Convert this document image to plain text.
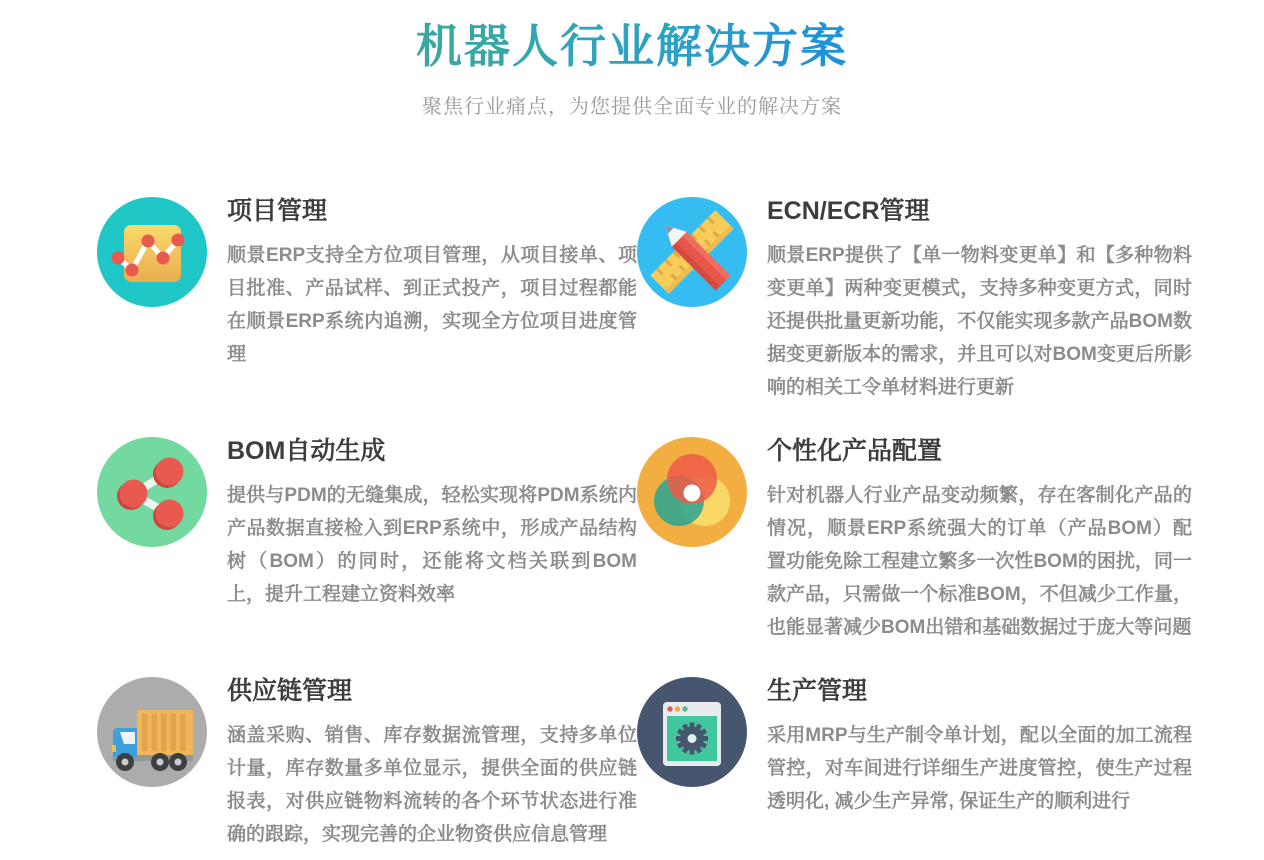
机器人行业解决方案

聚焦行业痛点，为您提供全面专业的解决方案

项目管理

顺景ERP支持全方位项目管理，从项目接单、项目批准、产品试样、到正式投产，项目过程都能在顺景ERP系统内追溯，实现全方位项目进度管理

ECN/ECR管理

顺景ERP提供了【单一物料变更单】和【多种物料变更单】两种变更模式，支持多种变更方式，同时还提供批量更新功能，不仅能实现多款产品BOM数据变更新版本的需求，并且可以对BOM变更后所影响的相关工令单材料进行更新

BOM自动生成

提供与PDM的无缝集成，轻松实现将PDM系统内产品数据直接检入到ERP系统中，形成产品结构树（BOM）的同时，还能将文档关联到BOM上，提升工程建立资料效率

个性化产品配置

针对机器人行业产品变动频繁，存在客制化产品的情况，顺景ERP系统强大的订单（产品BOM）配置功能免除工程建立繁多一次性BOM的困扰，同一款产品，只需做一个标准BOM，不但减少工作量，也能显著减少BOM出错和基础数据过于庞大等问题

供应链管理

涵盖采购、销售、库存数据流管理，支持多单位计量，库存数量多单位显示，提供全面的供应链报表，对供应链物料流转的各个环节状态进行准确的跟踪，实现完善的企业物资供应信息管理

生产管理

采用MRP与生产制令单计划，配以全面的加工流程管控，对车间进行详细生产进度管控，使生产过程透明化, 减少生产异常, 保证生产的顺利进行
